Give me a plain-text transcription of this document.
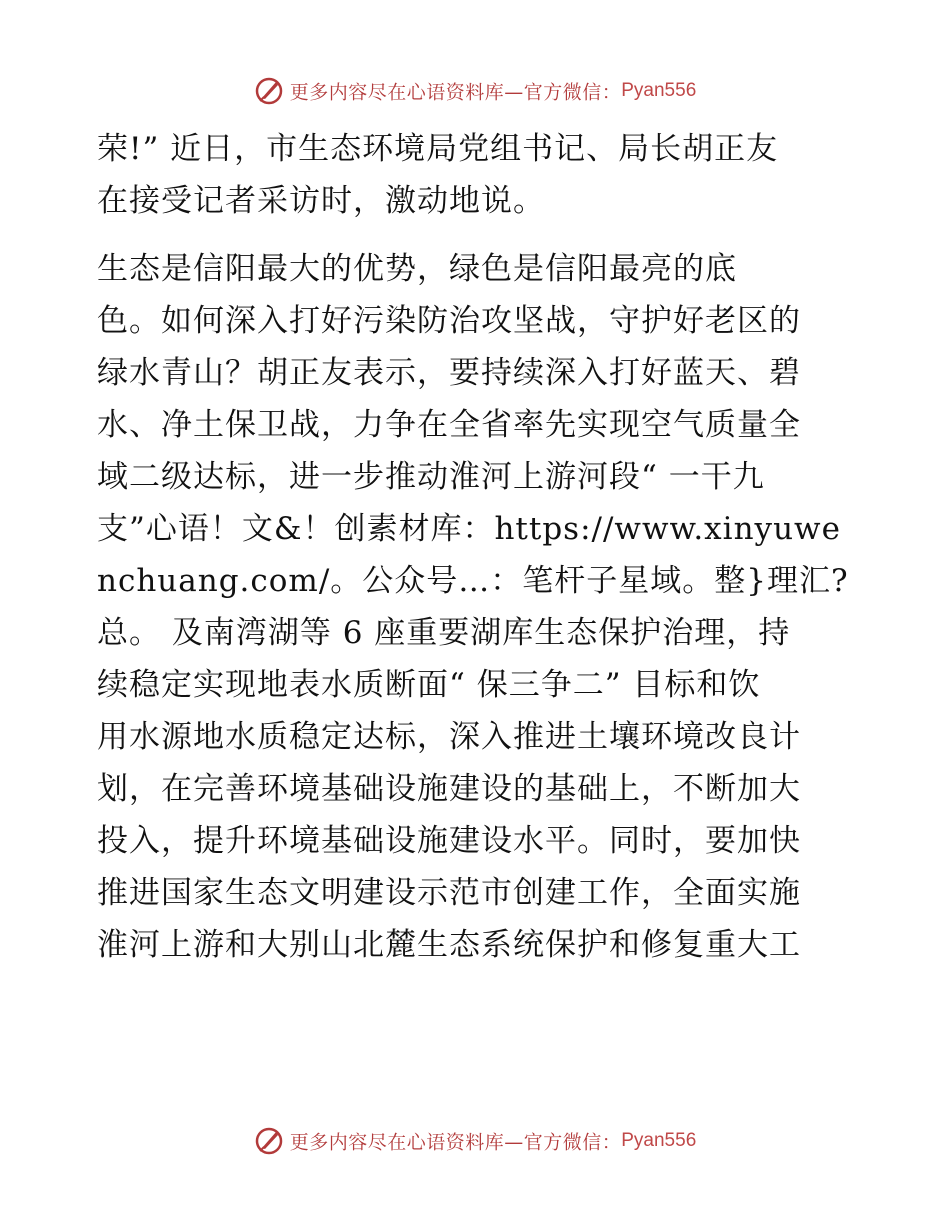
更多内容尽在心语资料库—官方微信：Pyan556
荣!” 近日，市生态环境局党组书记、局长胡正友
在接受记者采访时，激动地说。
生态是信阳最大的优势，绿色是信阳最亮的底
色。如何深入打好污染防治攻坚战，守护好老区的
绿水青山？胡正友表示，要持续深入打好蓝天、碧
水、净土保卫战，力争在全省率先实现空气质量全
域二级达标，进一步推动淮河上游河段“ 一干九
支”心语！文&！创素材库：https://www.xinyuwe
nchuang.com/。公众号…：笔杆子星域。整}理汇?
总。 及南湾湖等 6 座重要湖库生态保护治理，持
续稳定实现地表水质断面“ 保三争二” 目标和饮
用水源地水质稳定达标，深入推进土壤环境改良计
划，在完善环境基础设施建设的基础上，不断加大
投入，提升环境基础设施建设水平。同时，要加快
推进国家生态文明建设示范市创建工作，全面实施
淮河上游和大别山北麓生态系统保护和修复重大工
更多内容尽在心语资料库—官方微信：Pyan556
